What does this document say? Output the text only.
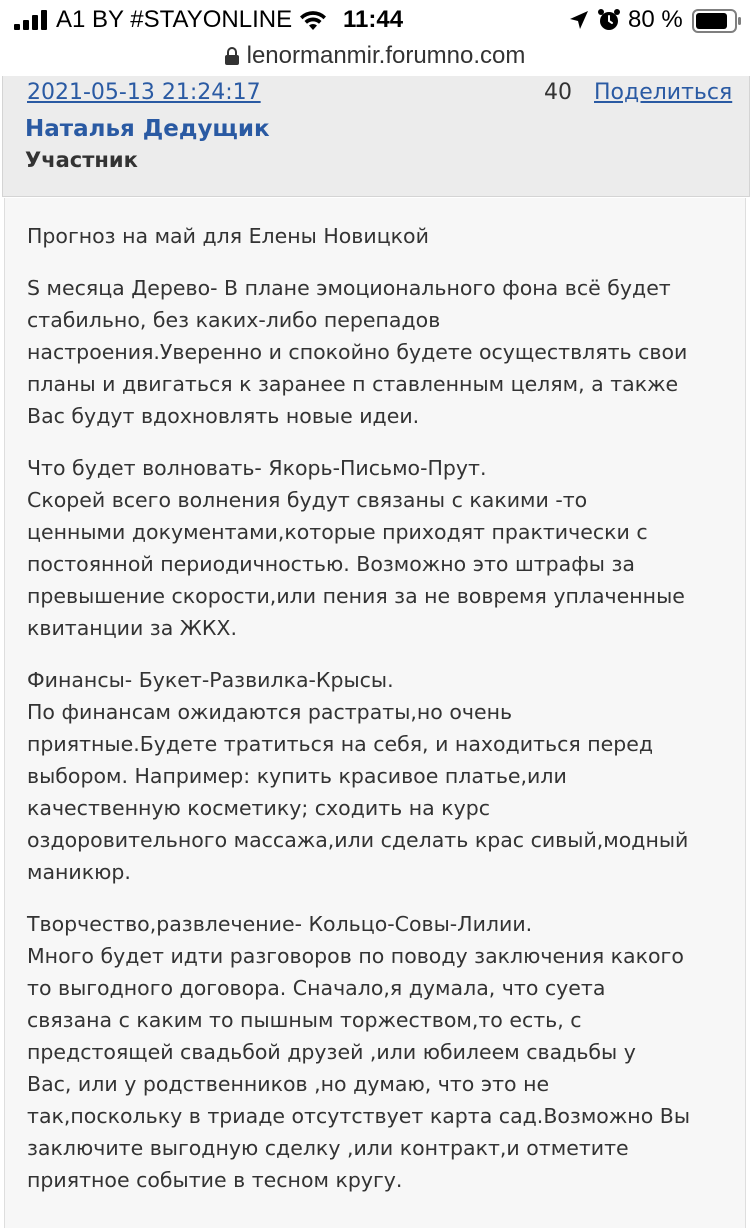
A1 BY #STAYONLINE 11:44	80 %
lenormanmir.forumno.com
2021-05-13 21:24:17	40 Поделиться
Наталья Дедущик
Участник

Прогноз на май для Елены Новицкой

S месяца Дерево- В плане эмоционального фона всё будет
стабильно, без каких-либо перепадов
настроения.Уверенно и спокойно будете осуществлять свои
планы и двигаться к заранее п ставленным целям, а также
Вас будут вдохновлять новые идеи.

Что будет волновать- Якорь-Письмо-Прут.
Скорей всего волнения будут связаны с какими -то
ценными документами,которые приходят практически с
постоянной периодичностью. Возможно это штрафы за
превышение скорости,или пения за не вовремя уплаченные
квитанции за ЖКХ.

Финансы- Букет-Развилка-Крысы.
По финансам ожидаются растраты,но очень
приятные.Будете тратиться на себя, и находиться перед
выбором. Например: купить красивое платье,или
качественную косметику; сходить на курс
оздоровительного массажа,или сделать крас сивый,модный
маникюр.

Творчество,развлечение- Кольцо-Совы-Лилии.
Много будет идти разговоров по поводу заключения какого
то выгодного договора. Сначало,я думала, что суета
связана с каким то пышным торжеством,то есть, с
предстоящей свадьбой друзей ,или юбилеем свадьбы у
Вас, или у родственников ,но думаю, что это не
так,поскольку в триаде отсутствует карта сад.Возможно Вы
заключите выгодную сделку ,или контракт,и отметите
приятное событие в тесном кругу.
